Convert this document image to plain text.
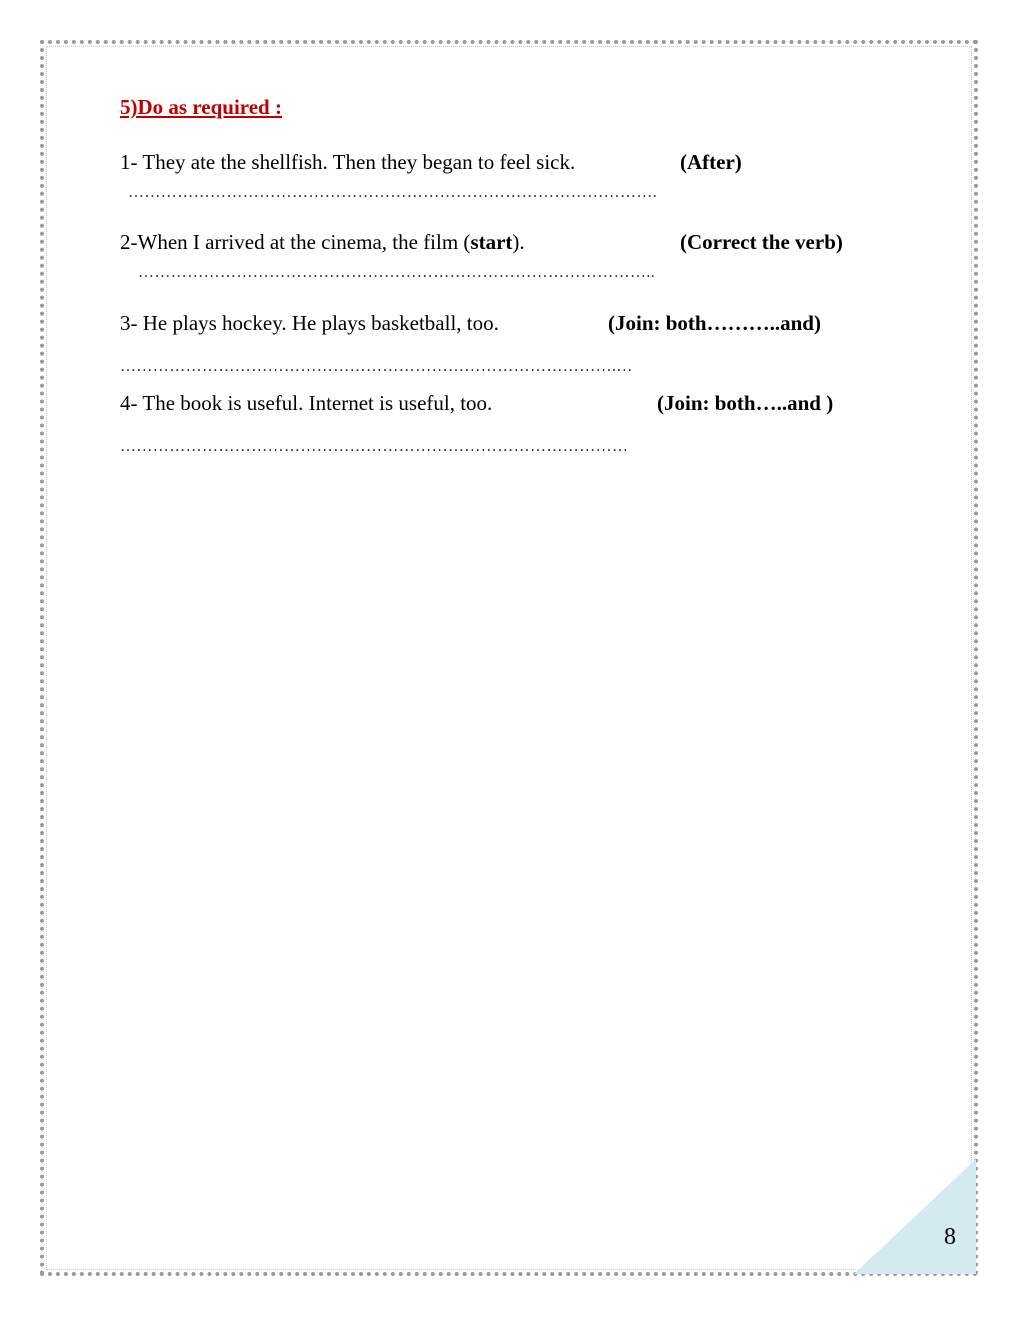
5)Do as required :
1- They ate the shellfish. Then they began to feel sick.	(After)
…………………………………………………………………………………….
2-When I arrived at the cinema, the film (start).	(Correct the verb)
…………………………………………………………………………………..
3- He plays hockey. He plays basketball, too.	(Join: both………..and)
……………………………………………………………………………….…
4- The book is useful. Internet is useful, too.	(Join: both…..and )
…………………………………………………………………………………
8
